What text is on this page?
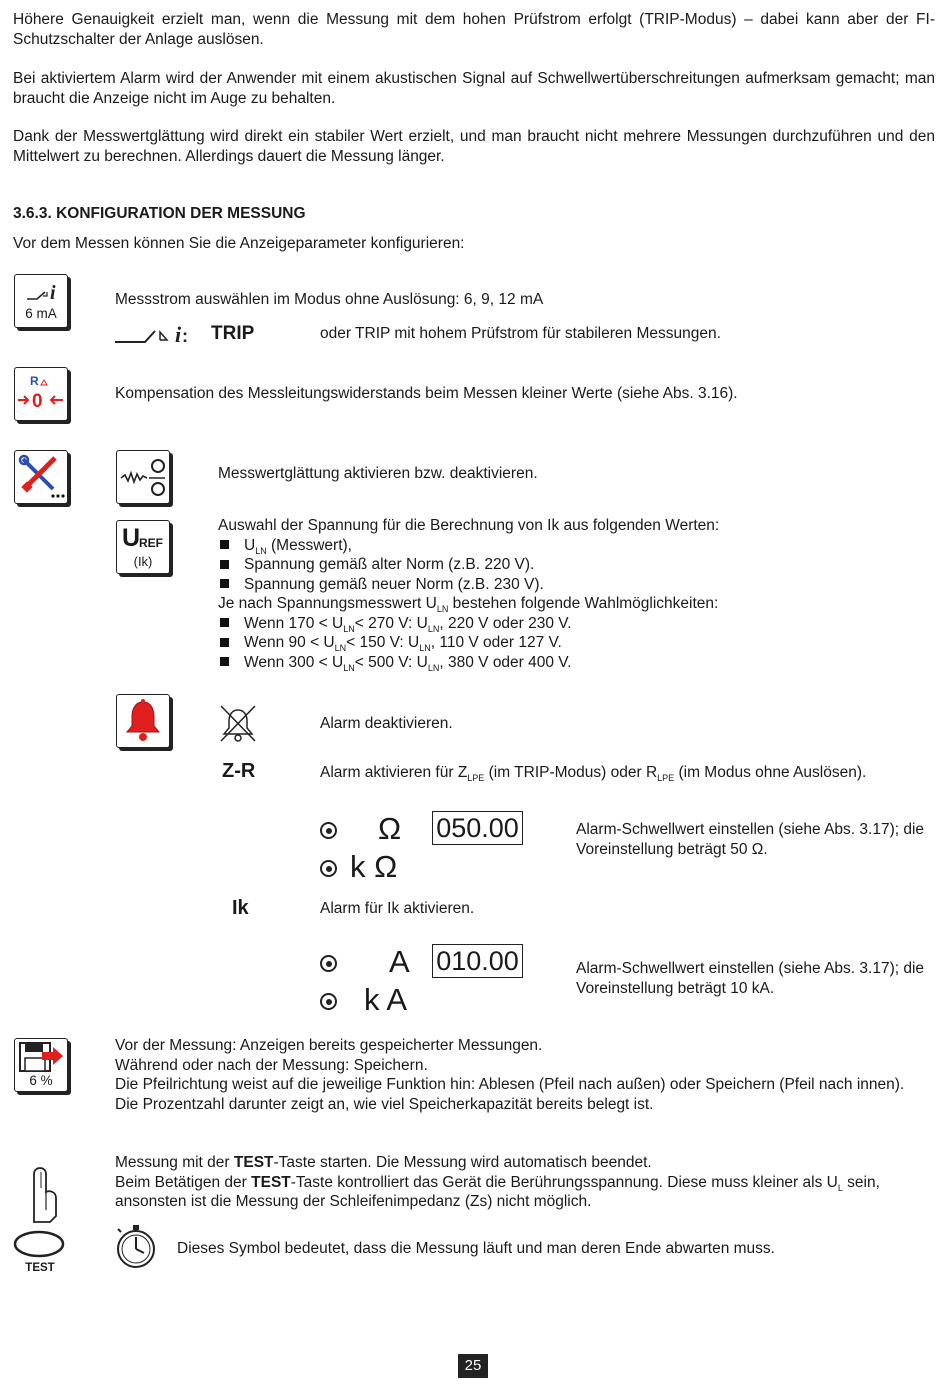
Höhere Genauigkeit erzielt man, wenn die Messung mit dem hohen Prüfstrom erfolgt (TRIP-Modus) – dabei kann aber der FI-Schutzschalter der Anlage auslösen.
Bei aktiviertem Alarm wird der Anwender mit einem akustischen Signal auf Schwellwertüberschreitungen aufmerksam gemacht; man braucht die Anzeige nicht im Auge zu behalten.
Dank der Messwertglättung wird direkt ein stabiler Wert erzielt, und man braucht nicht mehrere Messungen durchzuführen und den Mittelwert zu berechnen. Allerdings dauert die Messung länger.
3.6.3. KONFIGURATION DER MESSUNG
Vor dem Messen können Sie die Anzeigeparameter konfigurieren:
i
6 mA
Messstrom auswählen im Modus ohne Auslösung: 6, 9, 12 mA
i : TRIP	oder TRIP mit hohem Prüfstrom für stabileren Messungen.
R
0	Kompensation des Messleitungswiderstands beim Messen kleiner Werte (siehe Abs. 3.16).
Messwertglättung aktivieren bzw. deaktivieren.
U
REF
(Ik)
Auswahl der Spannung für die Berechnung von Ik aus folgenden Werten:
$U_{LN}$ (Messwert),
Spannung gemäß alter Norm (z.B. 220 V).
Spannung gemäß neuer Norm (z.B. 230 V).
Je nach Spannungsmesswert $U_{LN}$ bestehen folgende Wahlmöglichkeiten:
Wenn $170 < U_{LN}< 270$ V: $U_{LN}$, 220 V oder 230 V.
Wenn $90 < U_{LN}< 150$ V: $U_{LN}$, 110 V oder 127 V.
Wenn $300 < U_{LN}< 500$ V: $U_{LN}$, 380 V oder 400 V.
Alarm deaktivieren.
Z-R	Alarm aktivieren für $Z_{LPE}$ (im TRIP-Modus) oder $R_{LPE}$ (im Modus ohne Auslösen).
Ω 050.00
k Ω
Alarm-Schwellwert einstellen (siehe Abs. 3.17); die
Voreinstellung beträgt 50 Ω.
Ik	Alarm für Ik aktivieren.
A 010.00
k A
Alarm-Schwellwert einstellen (siehe Abs. 3.17); die
Voreinstellung beträgt 10 kA.
6 %
Vor der Messung: Anzeigen bereits gespeicherter Messungen.
Während oder nach der Messung: Speichern.
Die Pfeilrichtung weist auf die jeweilige Funktion hin: Ablesen (Pfeil nach außen) oder Speichern (Pfeil nach innen).
Die Prozentzahl darunter zeigt an, wie viel Speicherkapazität bereits belegt ist.
TEST
Messung mit der TEST-Taste starten. Die Messung wird automatisch beendet.
Beim Betätigen der TEST-Taste kontrolliert das Gerät die Berührungsspannung. Diese muss kleiner als $U_L$ sein,
ansonsten ist die Messung der Schleifenimpedanz (Zs) nicht möglich.
Dieses Symbol bedeutet, dass die Messung läuft und man deren Ende abwarten muss.
25
